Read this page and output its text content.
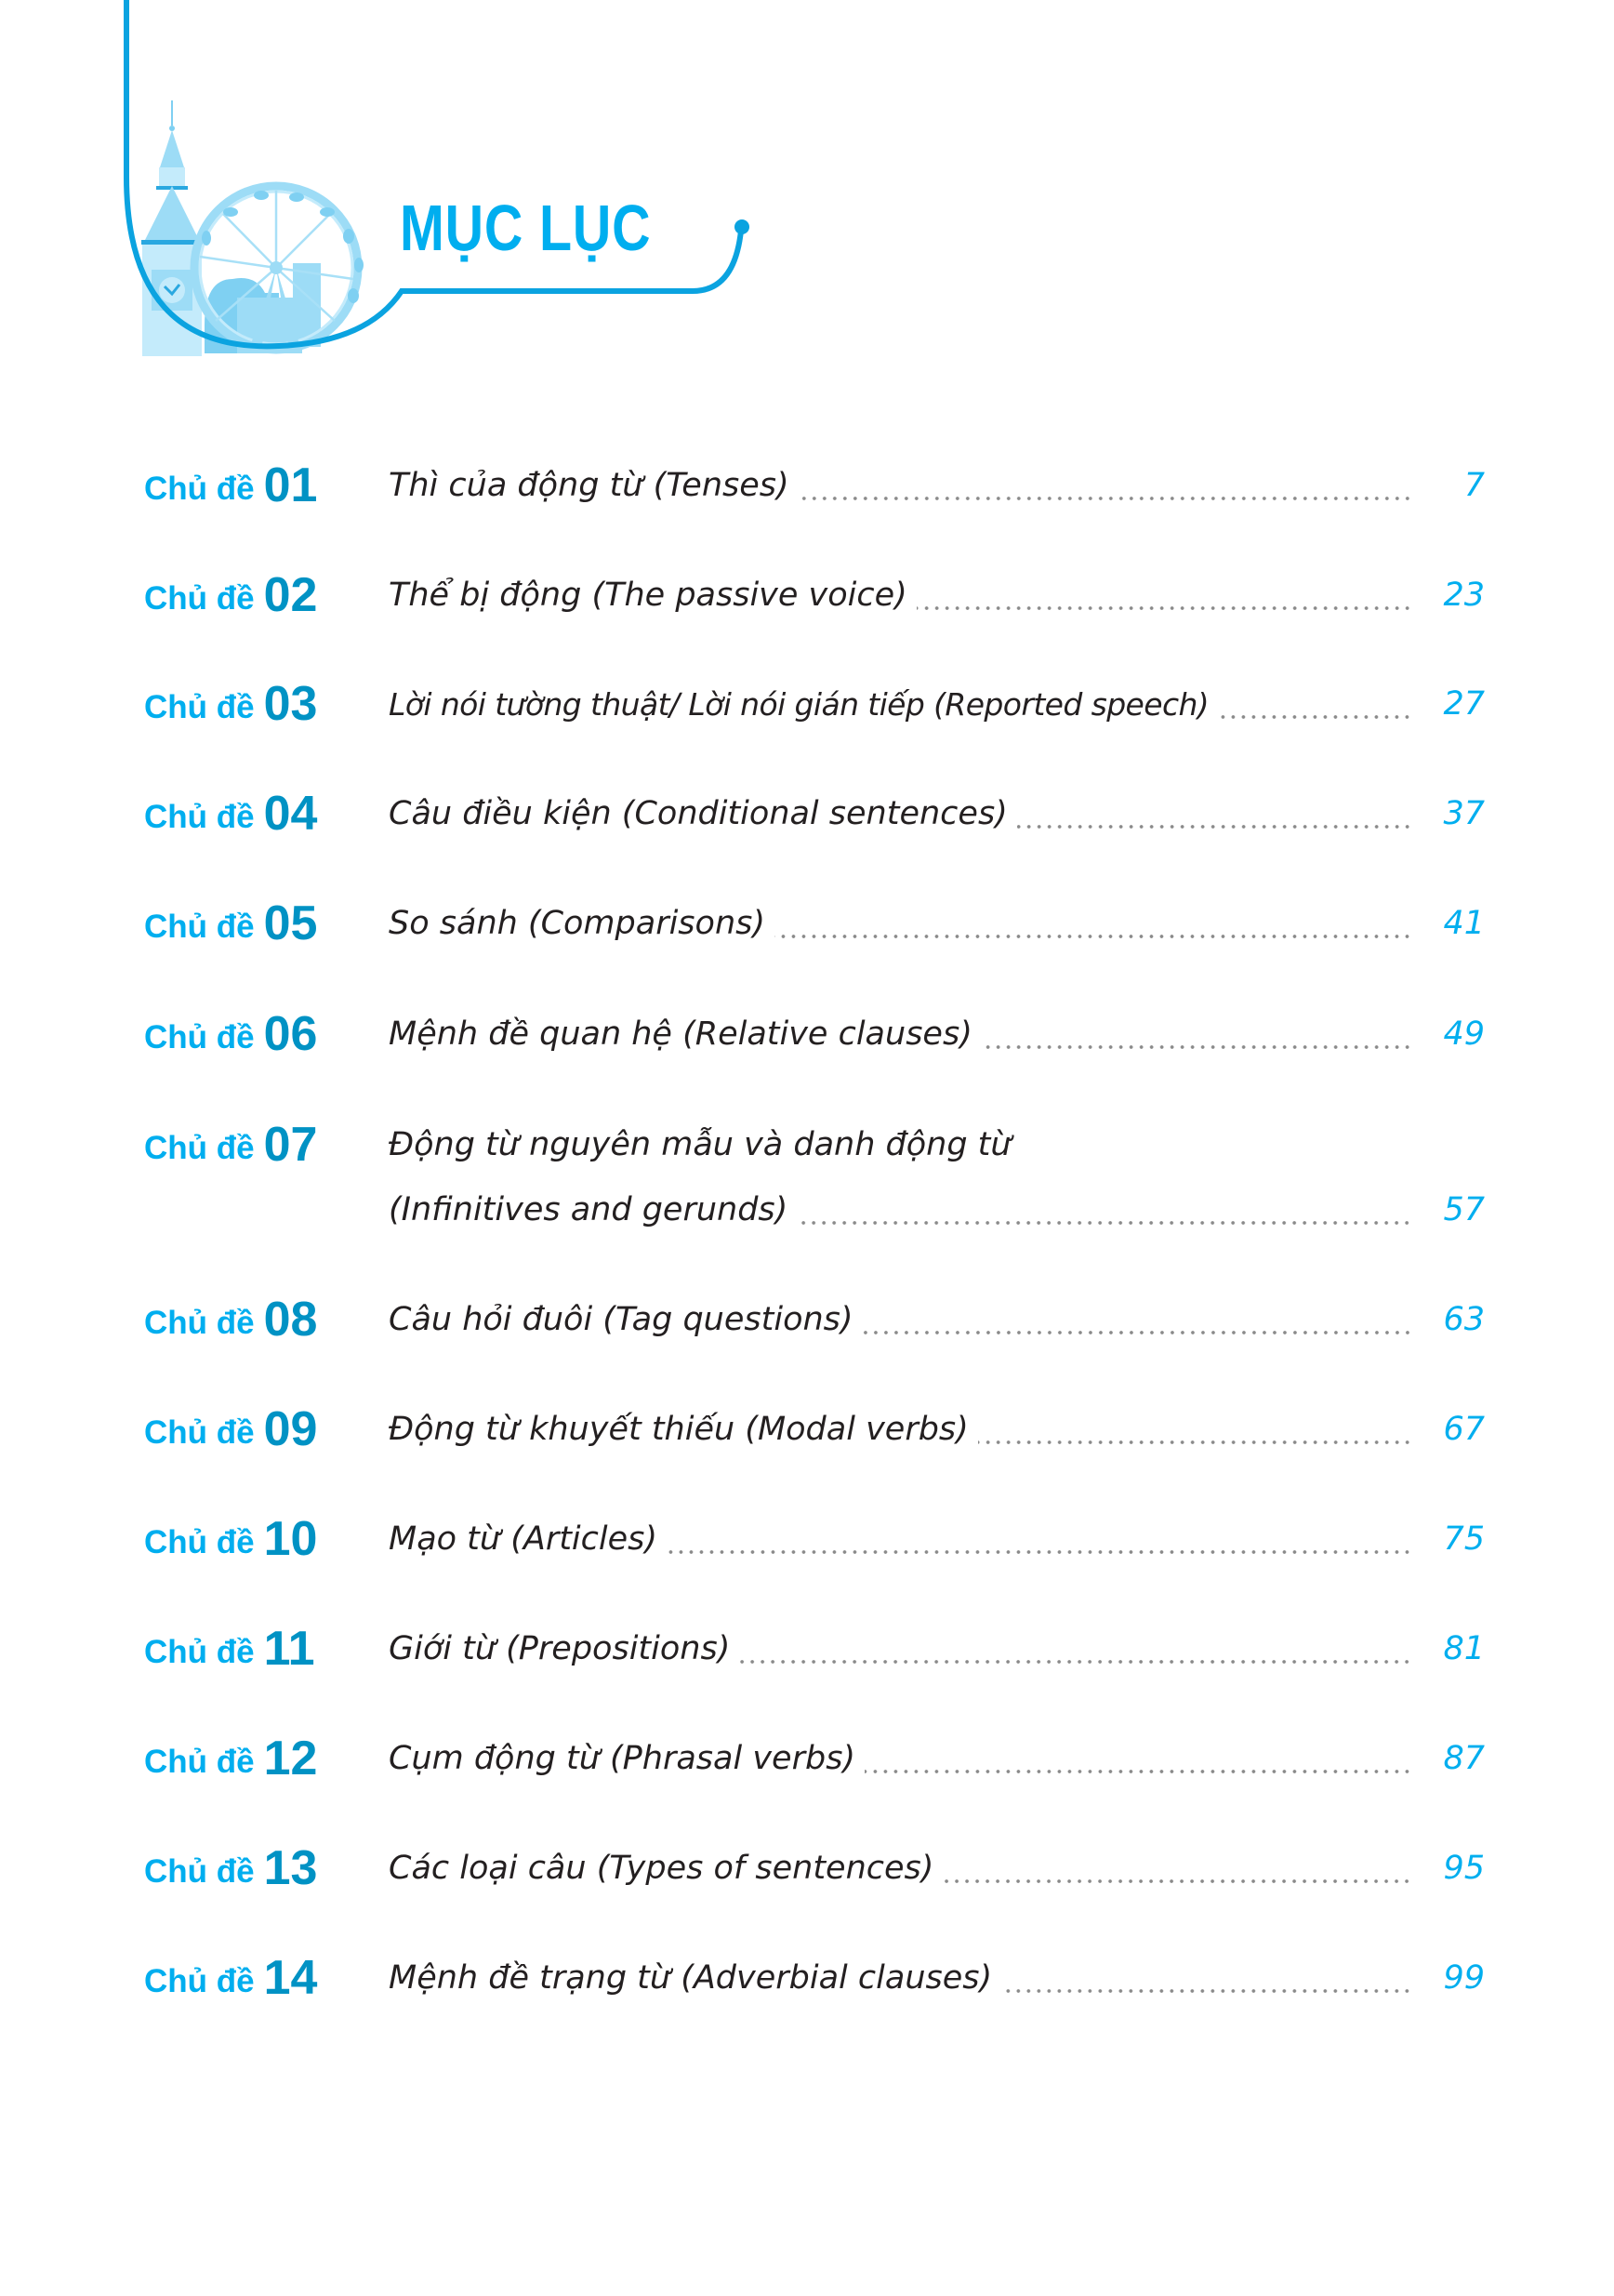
MỤC LỤC
Chủ đề 01 Thì của động từ (Tenses)	7
Chủ đề 02 Thể bị động (The passive voice)	23
Chủ đề 03 Lời nói tường thuật/ Lời nói gián tiếp (Reported speech)	27
Chủ đề 04 Câu điều kiện (Conditional sentences)	37
Chủ đề 05 So sánh (Comparisons)	41
Chủ đề 06 Mệnh đề quan hệ (Relative clauses)	49
Chủ đề 07 Động từ nguyên mẫu và danh động từ
(Infinitives and gerunds)	57
Chủ đề 08 Câu hỏi đuôi (Tag questions)	63
Chủ đề 09 Động từ khuyết thiếu (Modal verbs)	67
Chủ đề 10 Mạo từ (Articles)	75
Chủ đề 11 Giới từ (Prepositions)	81
Chủ đề 12 Cụm động từ (Phrasal verbs)	87
Chủ đề 13 Các loại câu (Types of sentences)	95
Chủ đề 14 Mệnh đề trạng từ (Adverbial clauses)	99
